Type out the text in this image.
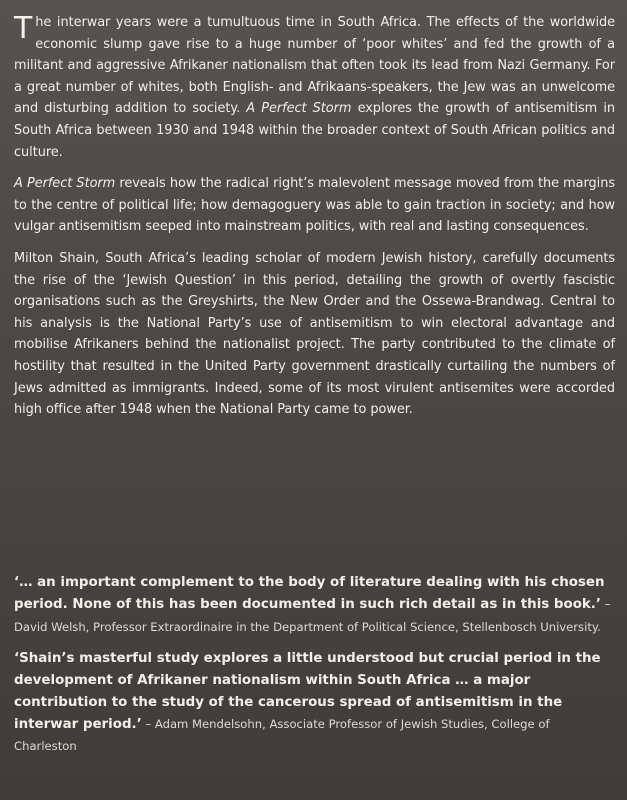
The interwar years were a tumultuous time in South Africa. The effects of the worldwide economic slump gave rise to a huge number of ‘poor whites’ and fed the growth of a militant and aggressive Afrikaner nationalism that often took its lead from Nazi Germany. For a great number of whites, both English- and Afrikaans-speakers, the Jew was an unwelcome and disturbing addition to society. A Perfect Storm explores the growth of antisemitism in South Africa between 1930 and 1948 within the broader context of South African politics and culture.

A Perfect Storm reveals how the radical right’s malevolent message moved from the margins to the centre of political life; how demagoguery was able to gain traction in society; and how vulgar antisemitism seeped into mainstream politics, with real and lasting consequences.

Milton Shain, South Africa’s leading scholar of modern Jewish history, carefully documents the rise of the ‘Jewish Question’ in this period, detailing the growth of overtly fascistic organisations such as the Greyshirts, the New Order and the Ossewa-Brandwag. Central to his analysis is the National Party’s use of antisemitism to win electoral advantage and mobilise Afrikaners behind the nationalist project. The party contributed to the climate of hostility that resulted in the United Party government drastically curtailing the numbers of Jews admitted as immigrants. Indeed, some of its most virulent antisemites were accorded high office after 1948 when the National Party came to power.

‘… an important complement to the body of literature dealing with his chosen period. None of this has been documented in such rich detail as in this book.’ – David Welsh, Professor Extraordinaire in the Department of Political Science, Stellenbosch University.

‘Shain’s masterful study explores a little understood but crucial period in the development of Afrikaner nationalism within South Africa … a major contribution to the study of the cancerous spread of antisemitism in the interwar period.’ – Adam Mendelsohn, Associate Professor of Jewish Studies, College of Charleston
